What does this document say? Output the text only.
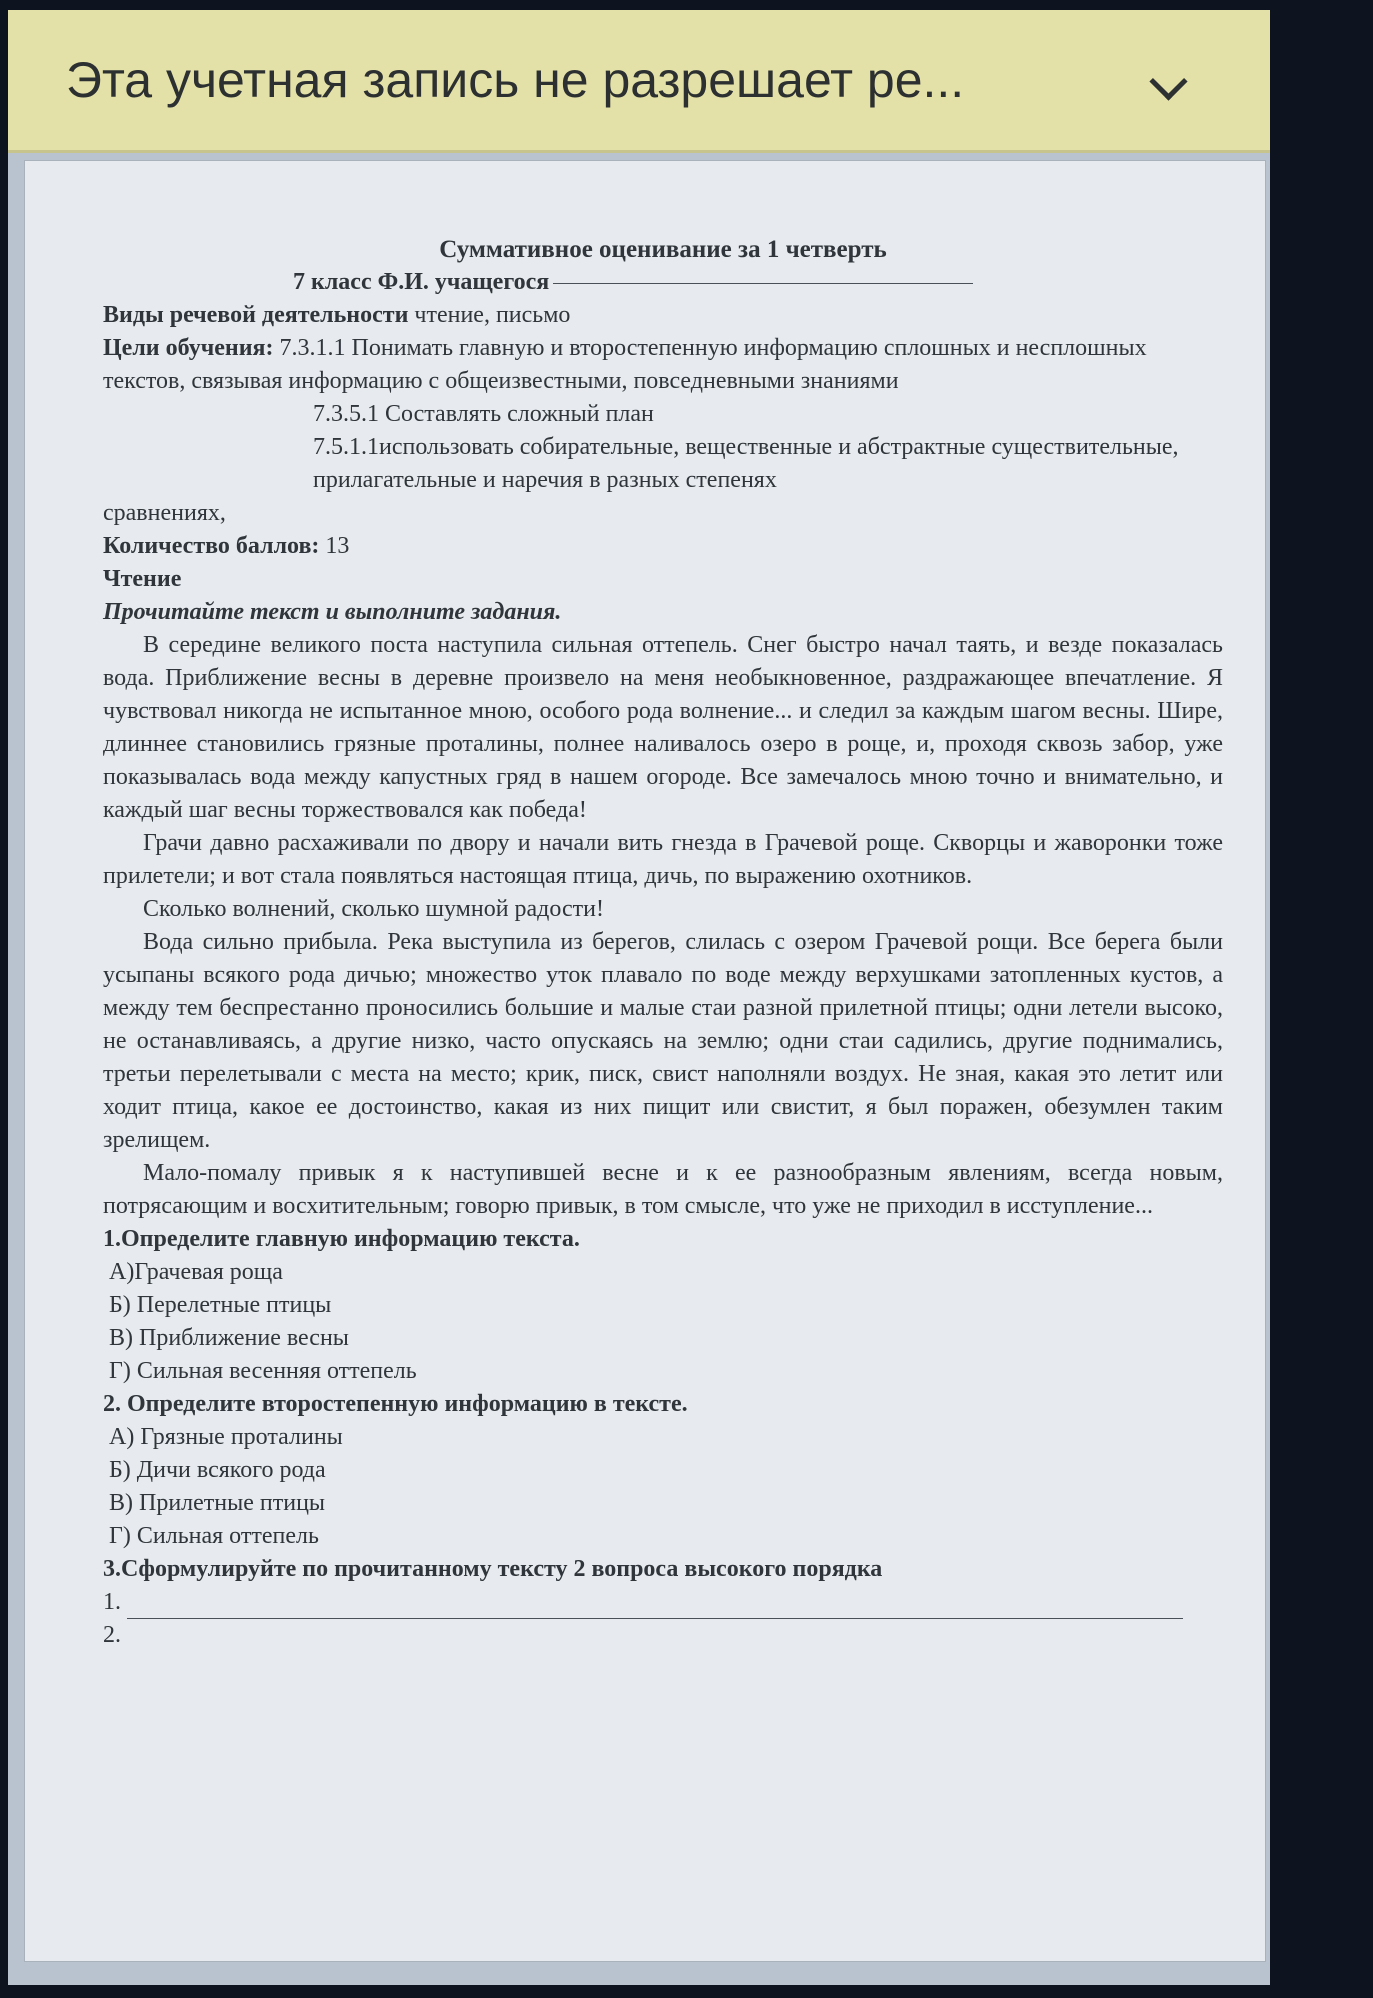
Эта учетная запись не разрешает ре...
Суммативное оценивание за 1 четверть
7 класс Ф.И. учащегося
Виды речевой деятельности чтение, письмо
Цели обучения: 7.3.1.1 Понимать главную и второстепенную информацию сплошных и несплошных текстов, связывая информацию с общеизвестными, повседневными знаниями
7.3.5.1 Составлять сложный план
7.5.1.1использовать собирательные, вещественные и абстрактные существительные, прилагательные и наречия в разных степенях
сравнениях,
Количество баллов: 13
Чтение
Прочитайте текст и выполните задания.
В середине великого поста наступила сильная оттепель. Снег быстро начал таять, и везде показалась вода. Приближение весны в деревне произвело на меня необыкновенное, раздражающее впечатление. Я чувствовал никогда не испытанное мною, особого рода волнение... и следил за каждым шагом весны. Шире, длиннее становились грязные проталины, полнее наливалось озеро в роще, и, проходя сквозь забор, уже показывалась вода между капустных гряд в нашем огороде. Все замечалось мною точно и внимательно, и каждый шаг весны торжествовался как победа!
Грачи давно расхаживали по двору и начали вить гнезда в Грачевой роще. Скворцы и жаворонки тоже прилетели; и вот стала появляться настоящая птица, дичь, по выражению охотников.
Сколько волнений, сколько шумной радости!
Вода сильно прибыла. Река выступила из берегов, слилась с озером Грачевой рощи. Все берега были усыпаны всякого рода дичью; множество уток плавало по воде между верхушками затопленных кустов, а между тем беспрестанно проносились большие и малые стаи разной прилетной птицы; одни летели высоко, не останавливаясь, а другие низко, часто опускаясь на землю; одни стаи садились, другие поднимались, третьи перелетывали с места на место; крик, писк, свист наполняли воздух. Не зная, какая это летит или ходит птица, какое ее достоинство, какая из них пищит или свистит, я был поражен, обезумлен таким зрелищем.
Мало-помалу привык я к наступившей весне и к ее разнообразным явлениям, всегда новым, потрясающим и восхитительным; говорю привык, в том смысле, что уже не приходил в исступление...
1.Определите главную информацию текста.
А)Грачевая роща
Б) Перелетные птицы
В) Приближение весны
Г) Сильная весенняя оттепель
2. Определите второстепенную информацию в тексте.
А) Грязные проталины
Б) Дичи всякого рода
В) Прилетные птицы
Г) Сильная оттепель
3.Сформулируйте по прочитанному тексту 2 вопроса высокого порядка
1.
2.
